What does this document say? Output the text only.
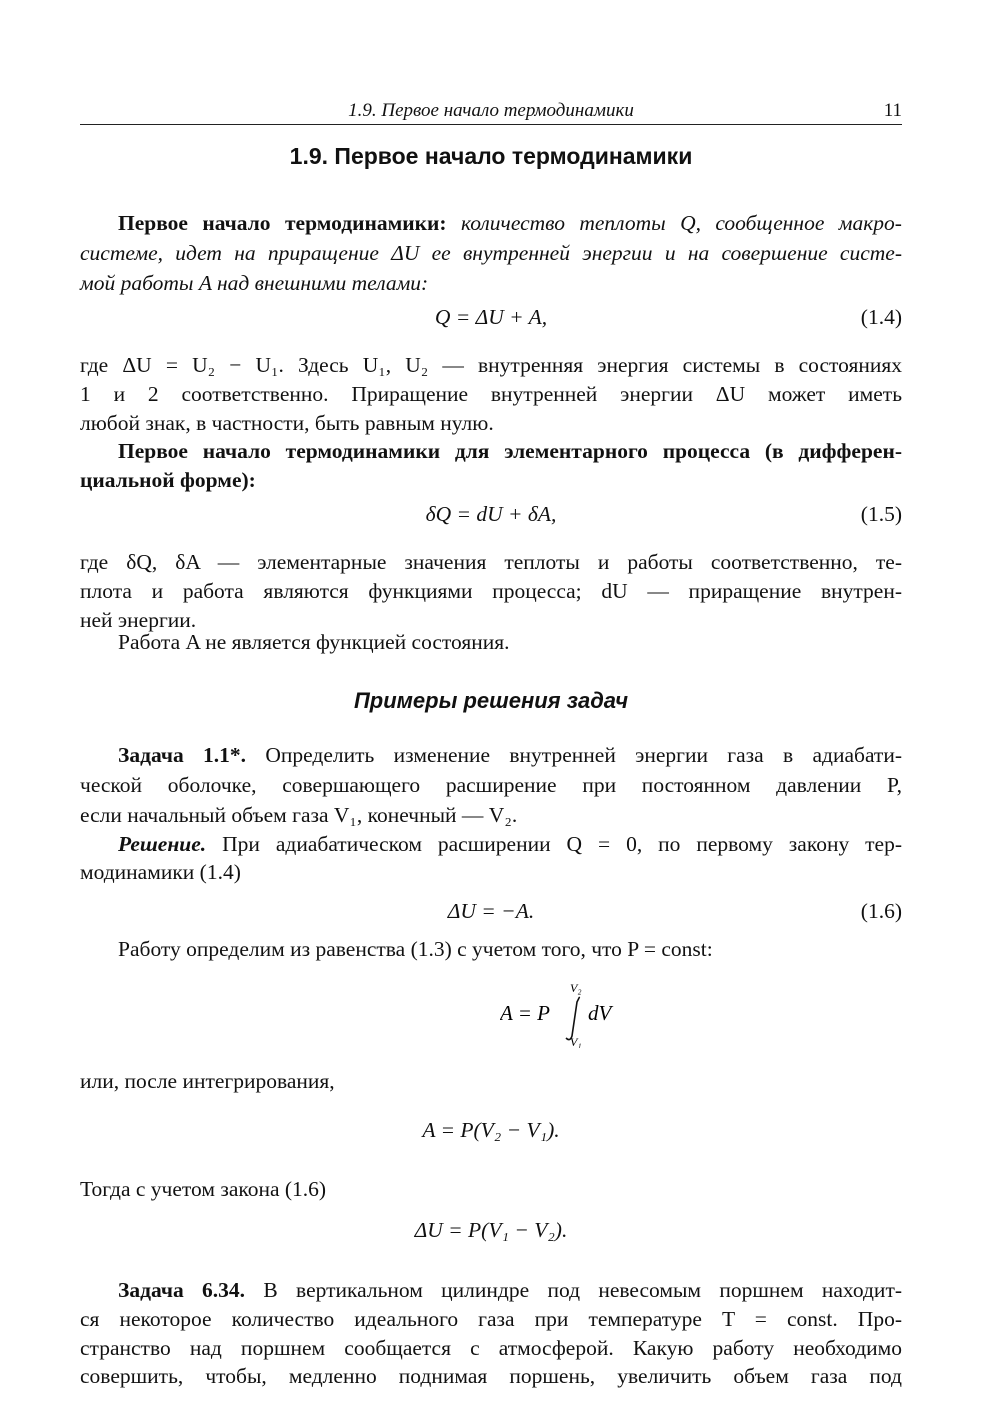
1.9. Первое начало термодинамики	11
1.9. Первое начало термодинамики
Первое начало термодинамики: количество теплоты Q, сообщенное макро-
системе, идет на приращение ΔU ее внутренней энергии и на совершение систе-
мой работы A над внешними телами:
Q = ΔU + A,	(1.4)
где ΔU = U₂ − U₁. Здесь U₁, U₂ — внутренняя энергия системы в состояниях
1 и 2 соответственно. Приращение внутренней энергии ΔU может иметь
любой знак, в частности, быть равным нулю.
Первое начало термодинамики для элементарного процесса (в дифферен-
циальной форме):
δQ = dU + δA,	(1.5)
где δQ, δA — элементарные значения теплоты и работы соответственно, те-
плота и работа являются функциями процесса; dU — приращение внутрен-
ней энергии.
Работа A не является функцией состояния.
Примеры решения задач
Задача 1.1*. Определить изменение внутренней энергии газа в адиабати-
ческой оболочке, совершающего расширение при постоянном давлении P,
если начальный объем газа V₁, конечный — V₂.
Решение. При адиабатическом расширении Q = 0, по первому закону тер-
модинамики (1.4)
ΔU = −A.	(1.6)
Работу определим из равенства (1.3) с учетом того, что P = const:
A = P
V₂
V₁
dV
или, после интегрирования,
A = P(V₂ − V₁).
Тогда с учетом закона (1.6)
ΔU = P(V₁ − V₂).
Задача 6.34. В вертикальном цилиндре под невесомым поршнем находит-
ся некоторое количество идеального газа при температуре T = const. Про-
странство над поршнем сообщается с атмосферой. Какую работу необходимо
совершить, чтобы, медленно поднимая поршень, увеличить объем газа под
